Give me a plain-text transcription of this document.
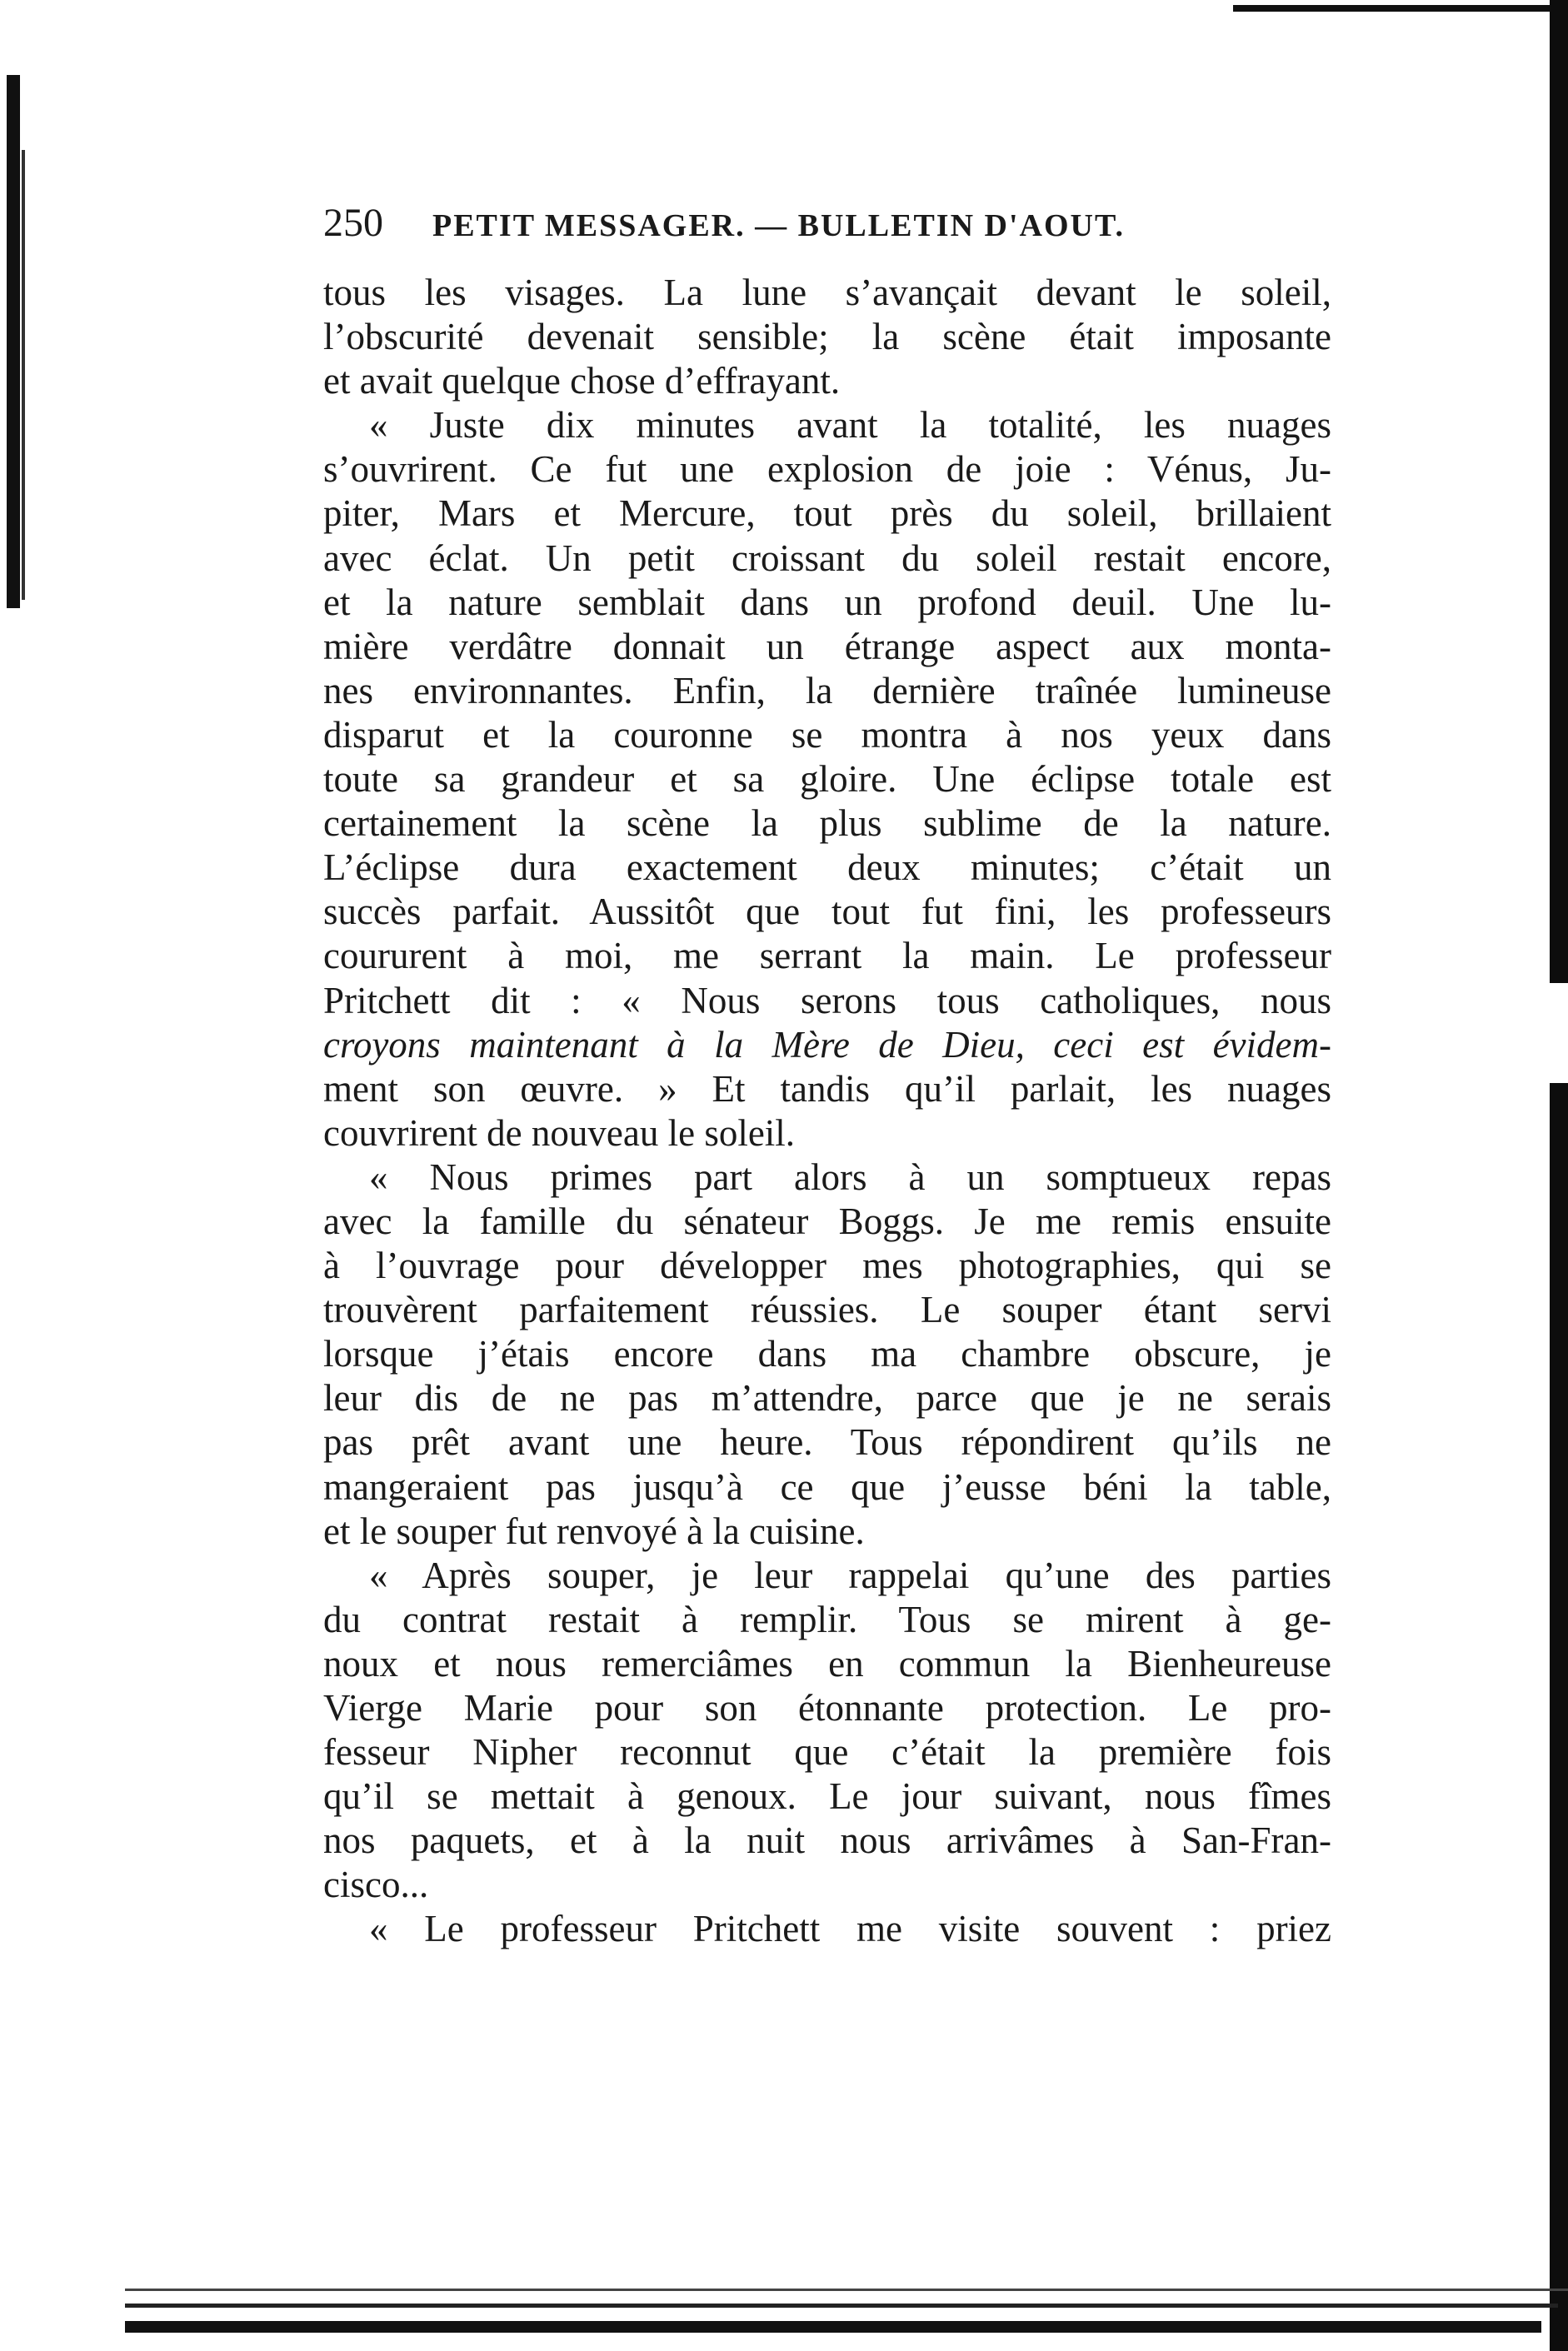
250 PETIT MESSAGER. — BULLETIN D'AOUT.
tous les visages. La lune s’avançait devant le soleil,
l’obscurité devenait sensible; la scène était imposante
et avait quelque chose d’effrayant.
« Juste dix minutes avant la totalité, les nuages
s’ouvrirent. Ce fut une explosion de joie : Vénus, Ju-
piter, Mars et Mercure, tout près du soleil, brillaient
avec éclat. Un petit croissant du soleil restait encore,
et la nature semblait dans un profond deuil. Une lu-
mière verdâtre donnait un étrange aspect aux monta-
nes environnantes. Enfin, la dernière traînée lumineuse
disparut et la couronne se montra à nos yeux dans
toute sa grandeur et sa gloire. Une éclipse totale est
certainement la scène la plus sublime de la nature.
L’éclipse dura exactement deux minutes; c’était un
succès parfait. Aussitôt que tout fut fini, les professeurs
coururent à moi, me serrant la main. Le professeur
Pritchett dit : « Nous serons tous catholiques, nous
croyons maintenant à la Mère de Dieu, ceci est évidem-
ment son œuvre. » Et tandis qu’il parlait, les nuages
couvrirent de nouveau le soleil.
« Nous primes part alors à un somptueux repas
avec la famille du sénateur Boggs. Je me remis ensuite
à l’ouvrage pour développer mes photographies, qui se
trouvèrent parfaitement réussies. Le souper étant servi
lorsque j’étais encore dans ma chambre obscure, je
leur dis de ne pas m’attendre, parce que je ne serais
pas prêt avant une heure. Tous répondirent qu’ils ne
mangeraient pas jusqu’à ce que j’eusse béni la table,
et le souper fut renvoyé à la cuisine.
« Après souper, je leur rappelai qu’une des parties
du contrat restait à remplir. Tous se mirent à ge-
noux et nous remerciâmes en commun la Bienheureuse
Vierge Marie pour son étonnante protection. Le pro-
fesseur Nipher reconnut que c’était la première fois
qu’il se mettait à genoux. Le jour suivant, nous fîmes
nos paquets, et à la nuit nous arrivâmes à San-Fran-
cisco...
« Le professeur Pritchett me visite souvent : priez
